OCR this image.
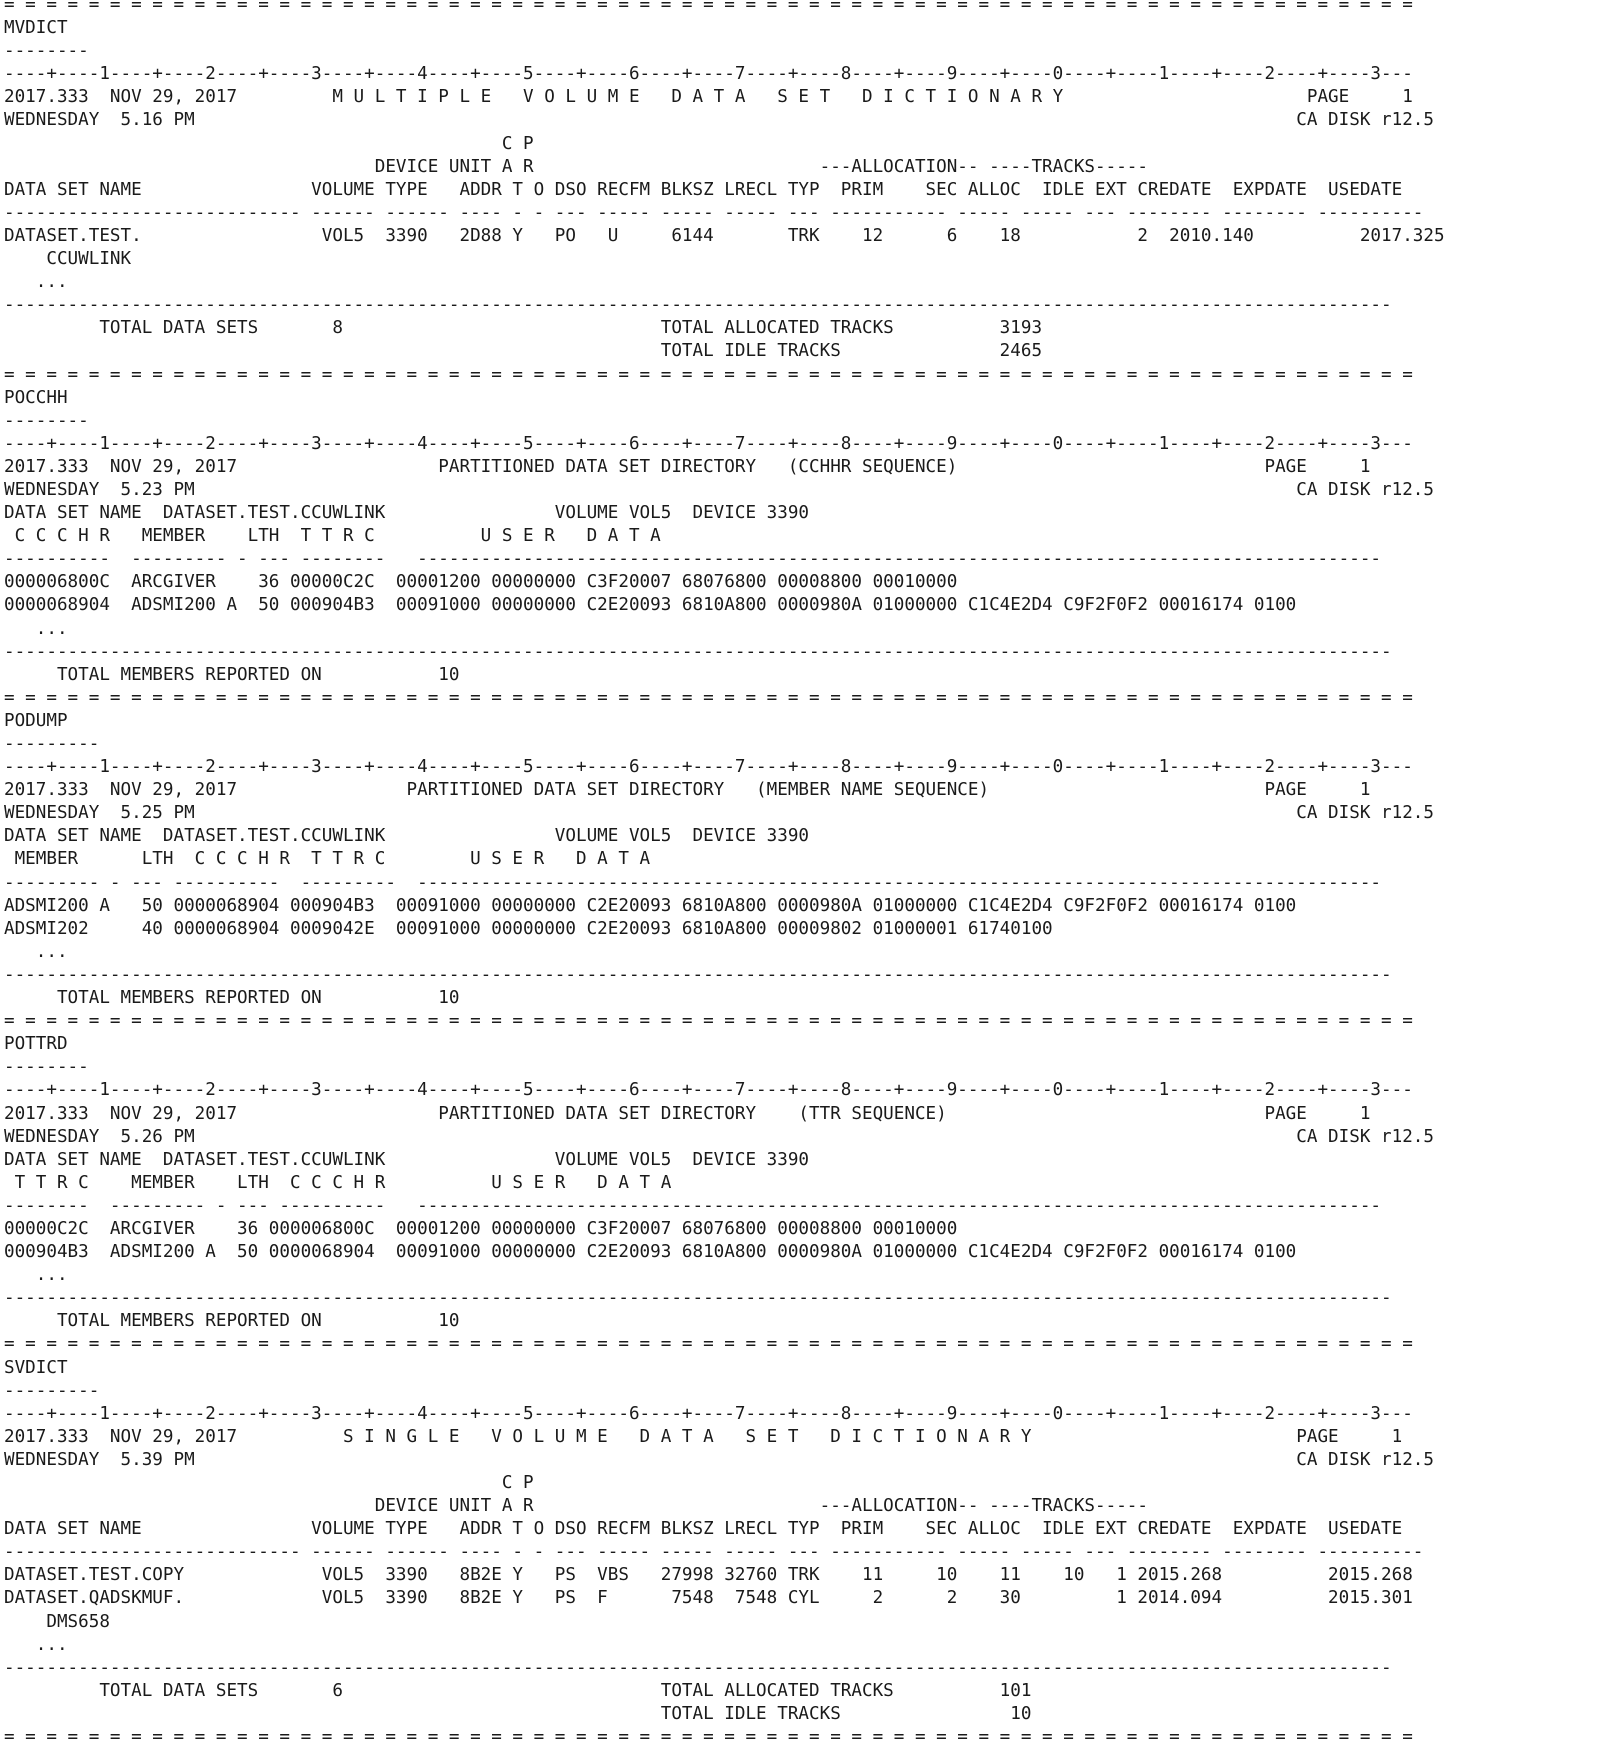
= = = = = = = = = = = = = = = = = = = = = = = = = = = = = = = = = = = = = = = = = = = = = = = = = = = = = = = = = = = = = = = = = = =
MVDICT
--------
----+----1----+----2----+----3----+----4----+----5----+----6----+----7----+----8----+----9----+----0----+----1----+----2----+----3---
2017.333  NOV 29, 2017         M U L T I P L E   V O L U M E   D A T A   S E T   D I C T I O N A R Y                       PAGE     1
WEDNESDAY  5.16 PM                                                                                                        CA DISK r12.5
C P
DEVICE UNIT A R                           ---ALLOCATION-- ----TRACKS-----
DATA SET NAME                VOLUME TYPE   ADDR T O DSO RECFM BLKSZ LRECL TYP  PRIM    SEC ALLOC  IDLE EXT CREDATE  EXPDATE  USEDATE
---------------------------- ------ ------ ---- - - --- ----- ----- ----- --- ----------- ----- ----- --- -------- -------- ----------
DATASET.TEST.                 VOL5  3390   2D88 Y   PO   U     6144       TRK    12      6    18           2  2010.140          2017.325
CCUWLINK
...
-----------------------------------------------------------------------------------------------------------------------------------
TOTAL DATA SETS       8                              TOTAL ALLOCATED TRACKS          3193
TOTAL IDLE TRACKS               2465
= = = = = = = = = = = = = = = = = = = = = = = = = = = = = = = = = = = = = = = = = = = = = = = = = = = = = = = = = = = = = = = = = = =
POCCHH
--------
----+----1----+----2----+----3----+----4----+----5----+----6----+----7----+----8----+----9----+----0----+----1----+----2----+----3---
2017.333  NOV 29, 2017                   PARTITIONED DATA SET DIRECTORY   (CCHHR SEQUENCE)                             PAGE     1
WEDNESDAY  5.23 PM                                                                                                        CA DISK r12.5
DATA SET NAME  DATASET.TEST.CCUWLINK                VOLUME VOL5  DEVICE 3390
C C C H R   MEMBER    LTH  T T R C          U S E R   D A T A
----------  --------- - --- --------   -------------------------------------------------------------------------------------------
000006800C  ARCGIVER    36 00000C2C  00001200 00000000 C3F20007 68076800 00008800 00010000
0000068904  ADSMI200 A  50 000904B3  00091000 00000000 C2E20093 6810A800 0000980A 01000000 C1C4E2D4 C9F2F0F2 00016174 0100
...
-----------------------------------------------------------------------------------------------------------------------------------
TOTAL MEMBERS REPORTED ON           10
= = = = = = = = = = = = = = = = = = = = = = = = = = = = = = = = = = = = = = = = = = = = = = = = = = = = = = = = = = = = = = = = = = =
PODUMP
---------
----+----1----+----2----+----3----+----4----+----5----+----6----+----7----+----8----+----9----+----0----+----1----+----2----+----3---
2017.333  NOV 29, 2017                PARTITIONED DATA SET DIRECTORY   (MEMBER NAME SEQUENCE)                          PAGE     1
WEDNESDAY  5.25 PM                                                                                                        CA DISK r12.5
DATA SET NAME  DATASET.TEST.CCUWLINK                VOLUME VOL5  DEVICE 3390
MEMBER      LTH  C C C H R  T T R C        U S E R   D A T A
--------- - --- ----------  ---------  -------------------------------------------------------------------------------------------
ADSMI200 A   50 0000068904 000904B3  00091000 00000000 C2E20093 6810A800 0000980A 01000000 C1C4E2D4 C9F2F0F2 00016174 0100
ADSMI202     40 0000068904 0009042E  00091000 00000000 C2E20093 6810A800 00009802 01000001 61740100
...
-----------------------------------------------------------------------------------------------------------------------------------
TOTAL MEMBERS REPORTED ON           10
= = = = = = = = = = = = = = = = = = = = = = = = = = = = = = = = = = = = = = = = = = = = = = = = = = = = = = = = = = = = = = = = = = =
POTTRD
--------
----+----1----+----2----+----3----+----4----+----5----+----6----+----7----+----8----+----9----+----0----+----1----+----2----+----3---
2017.333  NOV 29, 2017                   PARTITIONED DATA SET DIRECTORY    (TTR SEQUENCE)                              PAGE     1
WEDNESDAY  5.26 PM                                                                                                        CA DISK r12.5
DATA SET NAME  DATASET.TEST.CCUWLINK                VOLUME VOL5  DEVICE 3390
T T R C    MEMBER    LTH  C C C H R          U S E R   D A T A
--------  --------- - --- ----------   -------------------------------------------------------------------------------------------
00000C2C  ARCGIVER    36 000006800C  00001200 00000000 C3F20007 68076800 00008800 00010000
000904B3  ADSMI200 A  50 0000068904  00091000 00000000 C2E20093 6810A800 0000980A 01000000 C1C4E2D4 C9F2F0F2 00016174 0100
...
-----------------------------------------------------------------------------------------------------------------------------------
TOTAL MEMBERS REPORTED ON           10
= = = = = = = = = = = = = = = = = = = = = = = = = = = = = = = = = = = = = = = = = = = = = = = = = = = = = = = = = = = = = = = = = = =
SVDICT
---------
----+----1----+----2----+----3----+----4----+----5----+----6----+----7----+----8----+----9----+----0----+----1----+----2----+----3---
2017.333  NOV 29, 2017          S I N G L E   V O L U M E   D A T A   S E T   D I C T I O N A R Y                         PAGE     1
WEDNESDAY  5.39 PM                                                                                                        CA DISK r12.5
C P
DEVICE UNIT A R                           ---ALLOCATION-- ----TRACKS-----
DATA SET NAME                VOLUME TYPE   ADDR T O DSO RECFM BLKSZ LRECL TYP  PRIM    SEC ALLOC  IDLE EXT CREDATE  EXPDATE  USEDATE
---------------------------- ------ ------ ---- - - --- ----- ----- ----- --- ----------- ----- ----- --- -------- -------- ----------
DATASET.TEST.COPY             VOL5  3390   8B2E Y   PS  VBS   27998 32760 TRK    11     10    11    10   1 2015.268          2015.268
DATASET.QADSKMUF.             VOL5  3390   8B2E Y   PS  F      7548  7548 CYL     2      2    30         1 2014.094          2015.301
DMS658
...
-----------------------------------------------------------------------------------------------------------------------------------
TOTAL DATA SETS       6                              TOTAL ALLOCATED TRACKS          101
TOTAL IDLE TRACKS                10
= = = = = = = = = = = = = = = = = = = = = = = = = = = = = = = = = = = = = = = = = = = = = = = = = = = = = = = = = = = = = = = = = = =
